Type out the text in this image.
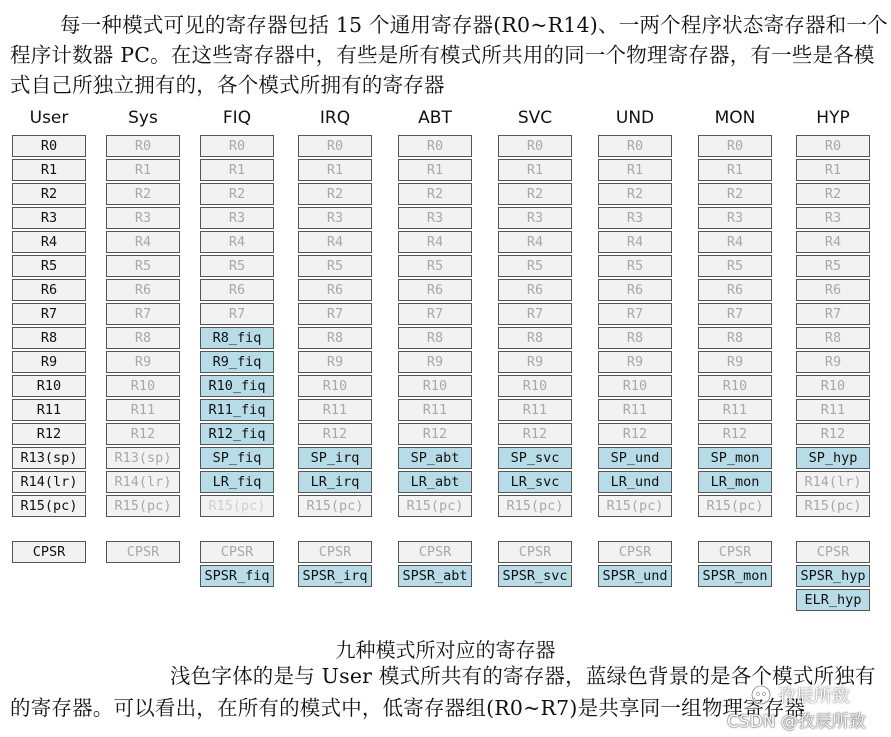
每一种模式可见的寄存器包括 15 个通用寄存器(R0~R14)、一两个程序状态寄存器和一个
程序计数器 PC。在这些寄存器中，有些是所有模式所共用的同一个物理寄存器，有一些是各模
式自己所独立拥有的，各个模式所拥有的寄存器
User
R0
R1
R2
R3
R4
R5
R6
R7
R8
R9
R10
R11
R12
R13(sp)
R14(lr)
R15(pc)
CPSR
Sys
R0
R1
R2
R3
R4
R5
R6
R7
R8
R9
R10
R11
R12
R13(sp)
R14(lr)
R15(pc)
CPSR
FIQ
R0
R1
R2
R3
R4
R5
R6
R7
R8_fiq
R9_fiq
R10_fiq
R11_fiq
R12_fiq
SP_fiq
LR_fiq
R15(pc)
CPSR
SPSR_fiq
IRQ
R0
R1
R2
R3
R4
R5
R6
R7
R8
R9
R10
R11
R12
SP_irq
LR_irq
R15(pc)
CPSR
SPSR_irq
ABT
R0
R1
R2
R3
R4
R5
R6
R7
R8
R9
R10
R11
R12
SP_abt
LR_abt
R15(pc)
CPSR
SPSR_abt
SVC
R0
R1
R2
R3
R4
R5
R6
R7
R8
R9
R10
R11
R12
SP_svc
LR_svc
R15(pc)
CPSR
SPSR_svc
UND
R0
R1
R2
R3
R4
R5
R6
R7
R8
R9
R10
R11
R12
SP_und
LR_und
R15(pc)
CPSR
SPSR_und
MON
R0
R1
R2
R3
R4
R5
R6
R7
R8
R9
R10
R11
R12
SP_mon
LR_mon
R15(pc)
CPSR
SPSR_mon
HYP
R0
R1
R2
R3
R4
R5
R6
R7
R8
R9
R10
R11
R12
SP_hyp
R14(lr)
R15(pc)
CPSR
SPSR_hyp
ELR_hyp
九种模式所对应的寄存器
浅色字体的是与 User 模式所共有的寄存器，蓝绿色背景的是各个模式所独有
的寄存器。可以看出，在所有的模式中，低寄存器组(R0~R7)是共享同一组物理寄存器
孜辰所致
CSDN @孜辰所致
